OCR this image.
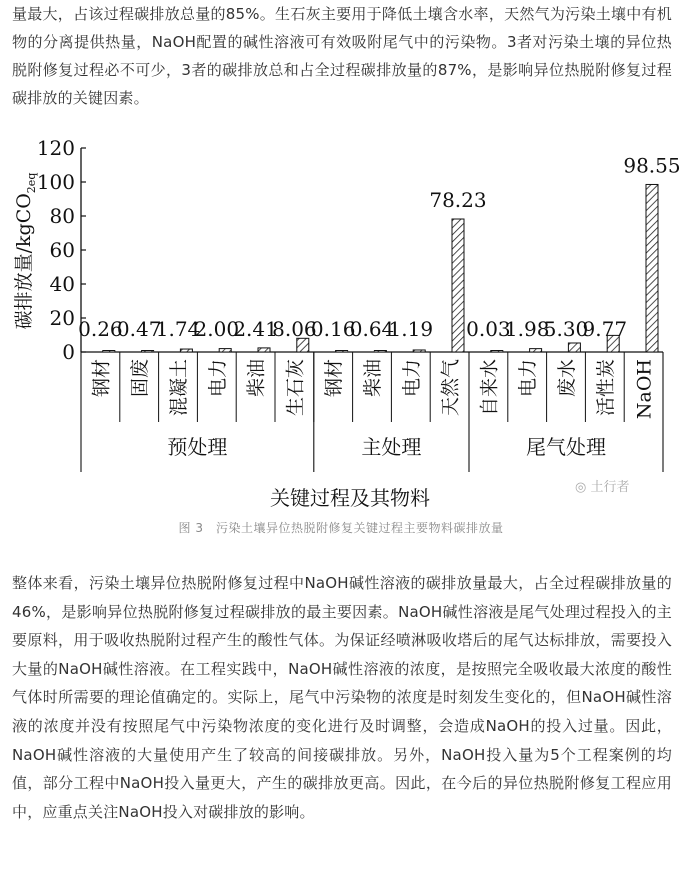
量最大，占该过程碳排放总量的85%。生石灰主要用于降低土壤含水率，天然气为污染土壤中有机物的分离提供热量，NaOH配置的碱性溶液可有效吸附尾气中的污染物。3者对污染土壤的异位热脱附修复过程必不可少，3者的碳排放总和占全过程碳排放量的87%，是影响异位热脱附修复过程碳排放的关键因素。
0
20
40
60
80
100
120
碳排放量/kgCO$_{2eq}$
预处理	主处理	尾气处理
0.26
钢材
0.47
固废
1.74
混凝土
2.00
电力
2.41
柴油
8.06
生石灰
0.16
钢材
0.64
柴油
1.19
电力
78.23
天然气
0.03
自来水
1.98
电力
5.30
废水
9.77
活性炭
98.55
NaOH
关键过程及其物料	◎ 土行者
图 3　污染土壤异位热脱附修复关键过程主要物料碳排放量
整体来看，污染土壤异位热脱附修复过程中NaOH碱性溶液的碳排放量最大，占全过程碳排放量的46%，是影响异位热脱附修复过程碳排放的最主要因素。NaOH碱性溶液是尾气处理过程投入的主要原料，用于吸收热脱附过程产生的酸性气体。为保证经喷淋吸收塔后的尾气达标排放，需要投入大量的NaOH碱性溶液。在工程实践中，NaOH碱性溶液的浓度，是按照完全吸收最大浓度的酸性气体时所需要的理论值确定的。实际上，尾气中污染物的浓度是时刻发生变化的，但NaOH碱性溶液的浓度并没有按照尾气中污染物浓度的变化进行及时调整，会造成NaOH的投入过量。因此，NaOH碱性溶液的大量使用产生了较高的间接碳排放。另外，NaOH投入量为5个工程案例的均值，部分工程中NaOH投入量更大，产生的碳排放更高。因此，在今后的异位热脱附修复工程应用中，应重点关注NaOH投入对碳排放的影响。
